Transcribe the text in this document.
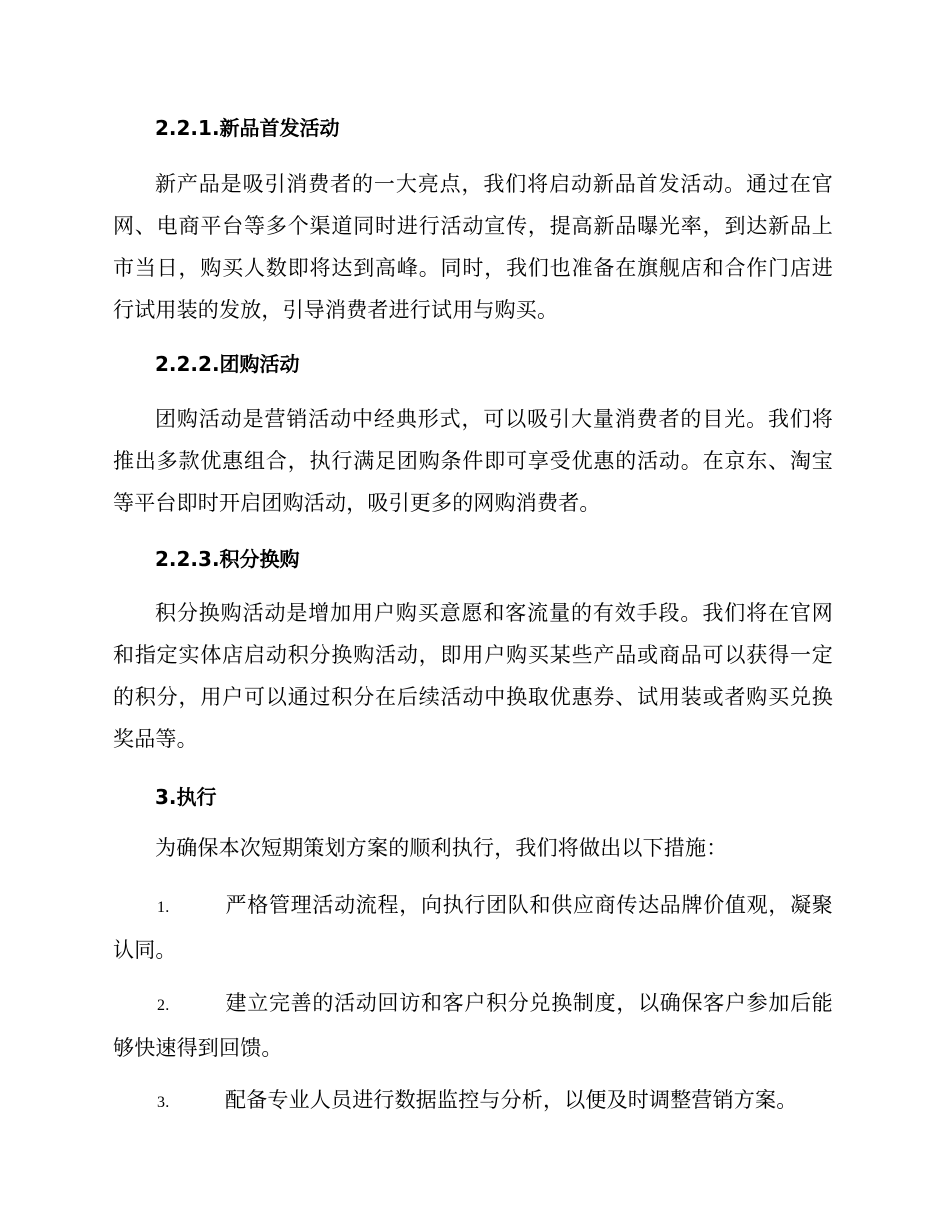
2.2.1.新品首发活动
新产品是吸引消费者的一大亮点，我们将启动新品首发活动。通过在官网、电商平台等多个渠道同时进行活动宣传，提高新品曝光率，到达新品上市当日，购买人数即将达到高峰。同时，我们也准备在旗舰店和合作门店进行试用装的发放，引导消费者进行试用与购买。
2.2.2.团购活动
团购活动是营销活动中经典形式，可以吸引大量消费者的目光。我们将推出多款优惠组合，执行满足团购条件即可享受优惠的活动。在京东、淘宝等平台即时开启团购活动，吸引更多的网购消费者。
2.2.3.积分换购
积分换购活动是增加用户购买意愿和客流量的有效手段。我们将在官网和指定实体店启动积分换购活动，即用户购买某些产品或商品可以获得一定的积分，用户可以通过积分在后续活动中换取优惠券、试用装或者购买兑换奖品等。
3.执行
为确保本次短期策划方案的顺利执行，我们将做出以下措施：
1.	严格管理活动流程，向执行团队和供应商传达品牌价值观，凝聚认同。
2.	建立完善的活动回访和客户积分兑换制度，以确保客户参加后能够快速得到回馈。
3.	配备专业人员进行数据监控与分析，以便及时调整营销方案。
